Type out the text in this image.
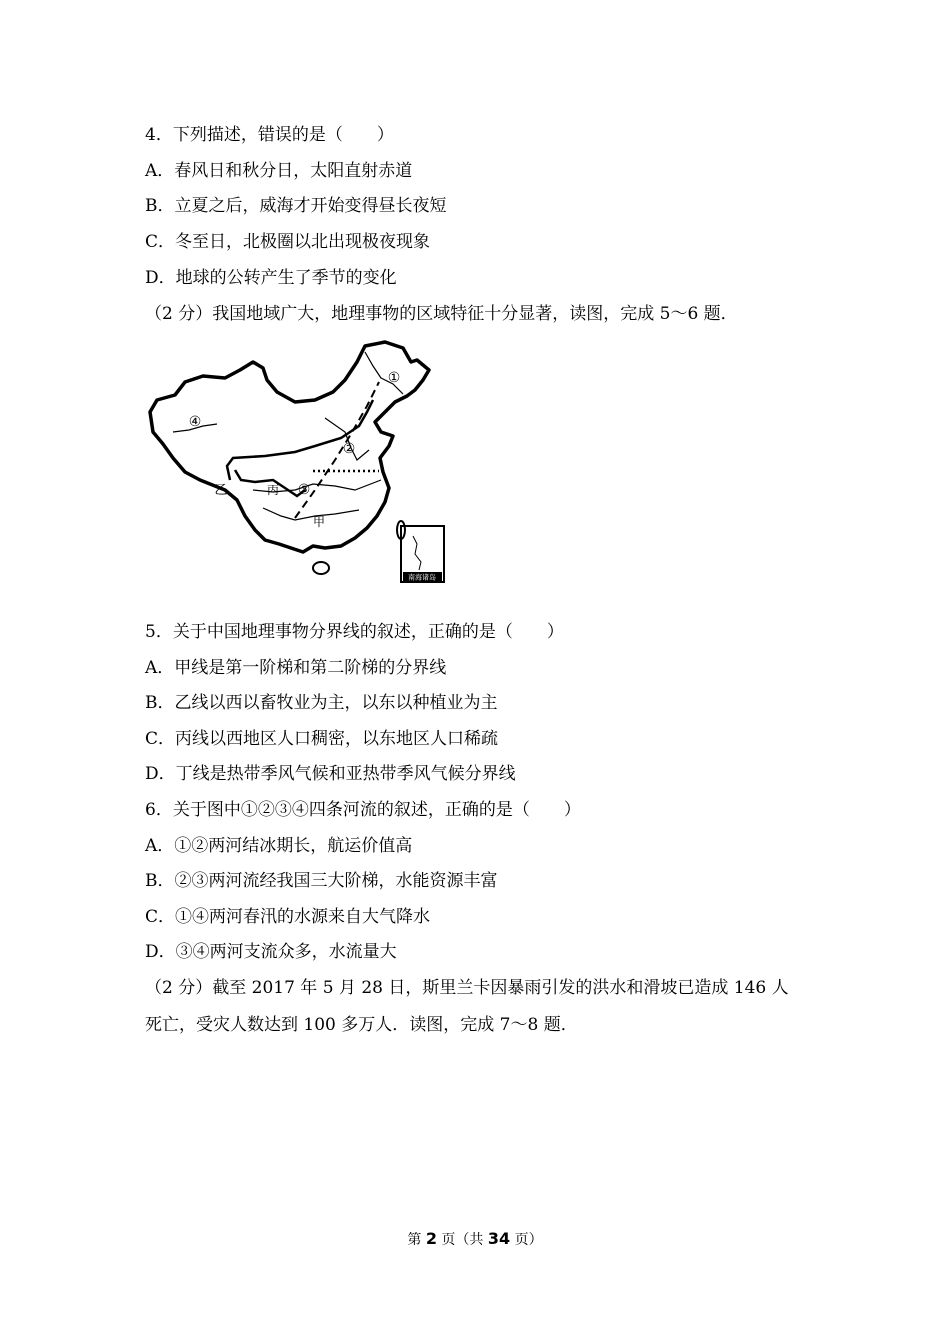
4．下列描述，错误的是（　　）
A．春风日和秋分日，太阳直射赤道
B．立夏之后，威海才开始变得昼长夜短
C．冬至日，北极圈以北出现极夜现象
D．地球的公转产生了季节的变化
（2 分）我国地域广大，地理事物的区域特征十分显著，读图，完成 5～6 题．
南海诸岛
①
②
③
④
甲
乙	丙
5．关于中国地理事物分界线的叙述，正确的是（　　）
A．甲线是第一阶梯和第二阶梯的分界线
B．乙线以西以畜牧业为主，以东以种植业为主
C．丙线以西地区人口稠密，以东地区人口稀疏
D．丁线是热带季风气候和亚热带季风气候分界线
6．关于图中①②③④四条河流的叙述，正确的是（　　）
A．①②两河结冰期长，航运价值高
B．②③两河流经我国三大阶梯，水能资源丰富
C．①④两河春汛的水源来自大气降水
D．③④两河支流众多，水流量大
（2 分）截至 2017 年 5 月 28 日，斯里兰卡因暴雨引发的洪水和滑坡已造成 146 人
死亡，受灾人数达到 100 多万人．读图，完成 7～8 题．
第 2 页（共 34 页）
